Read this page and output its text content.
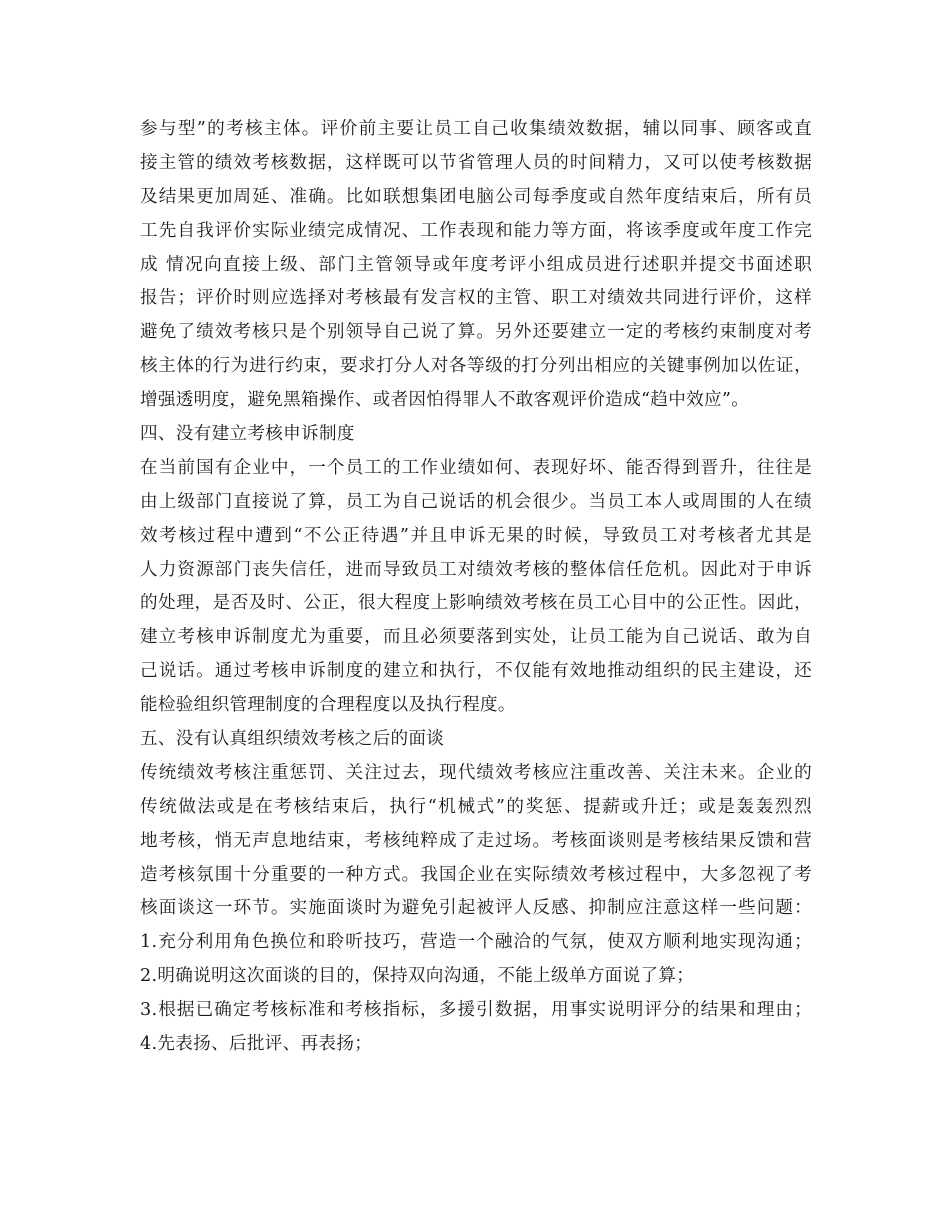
参与型”的考核主体。评价前主要让员工自己收集绩效数据，辅以同事、顾客或直
接主管的绩效考核数据，这样既可以节省管理人员的时间精力，又可以使考核数据
及结果更加周延、准确。比如联想集团电脑公司每季度或自然年度结束后，所有员
工先自我评价实际业绩完成情况、工作表现和能力等方面，将该季度或年度工作完
成 情况向直接上级、部门主管领导或年度考评小组成员进行述职并提交书面述职
报告；评价时则应选择对考核最有发言权的主管、职工对绩效共同进行评价，这样
避免了绩效考核只是个别领导自己说了算。另外还要建立一定的考核约束制度对考
核主体的行为进行约束，要求打分人对各等级的打分列出相应的关键事例加以佐证，
增强透明度，避免黑箱操作、或者因怕得罪人不敢客观评价造成“趋中效应”。
四、没有建立考核申诉制度
在当前国有企业中，一个员工的工作业绩如何、表现好坏、能否得到晋升，往往是
由上级部门直接说了算，员工为自己说话的机会很少。当员工本人或周围的人在绩
效考核过程中遭到“不公正待遇”并且申诉无果的时候，导致员工对考核者尤其是
人力资源部门丧失信任，进而导致员工对绩效考核的整体信任危机。因此对于申诉
的处理，是否及时、公正，很大程度上影响绩效考核在员工心目中的公正性。因此，
建立考核申诉制度尤为重要，而且必须要落到实处，让员工能为自己说话、敢为自
己说话。通过考核申诉制度的建立和执行，不仅能有效地推动组织的民主建设，还
能检验组织管理制度的合理程度以及执行程度。
五、没有认真组织绩效考核之后的面谈
传统绩效考核注重惩罚、关注过去，现代绩效考核应注重改善、关注未来。企业的
传统做法或是在考核结束后，执行“机械式”的奖惩、提薪或升迁；或是轰轰烈烈
地考核，悄无声息地结束，考核纯粹成了走过场。考核面谈则是考核结果反馈和营
造考核氛围十分重要的一种方式。我国企业在实际绩效考核过程中，大多忽视了考
核面谈这一环节。实施面谈时为避免引起被评人反感、抑制应注意这样一些问题：
1.充分利用角色换位和聆听技巧，营造一个融洽的气氛，使双方顺利地实现沟通；
2.明确说明这次面谈的目的，保持双向沟通，不能上级单方面说了算；
3.根据已确定考核标准和考核指标，多援引数据，用事实说明评分的结果和理由；
4.先表扬、后批评、再表扬；
